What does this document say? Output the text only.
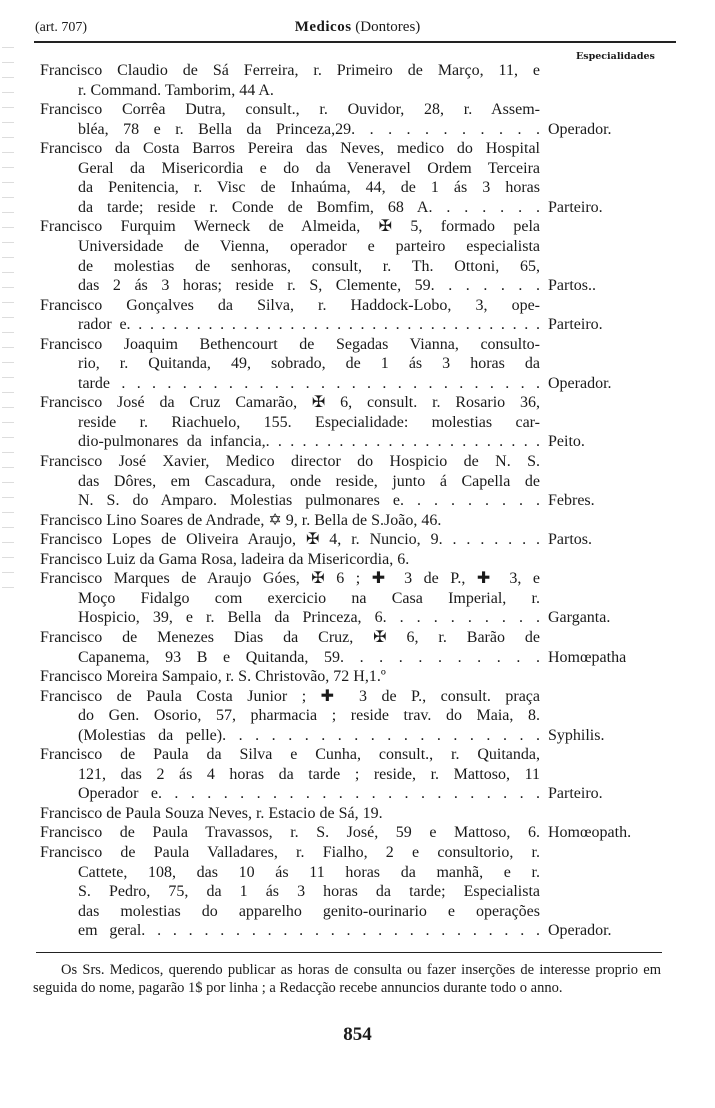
(art. 707)	Medicos (Dontores)
Especialidades
Francisco Claudio de Sá Ferreira, r. Primeiro de Março, 11, e
r. Command. Tamborim, 44 A.
Francisco Corrêa Dutra, consult., r. Ouvidor, 28, r. Assem-
bléa, 78 e r. Bella da Princeza,29. . . . . . . . . . . Operador.
Francisco da Costa Barros Pereira das Neves, medico do Hospital
Geral da Misericordia e do da Veneravel Ordem Terceira
da Penitencia, r. Visc de Inhaúma, 44, de 1 ás 3 horas
da tarde; reside r. Conde de Bomfim, 68 A. . . . . . . Parteiro.
Francisco Furquim Werneck de Almeida, ✠ 5, formado pela
Universidade de Vienna, operador e parteiro especialista
de molestias de senhoras, consult, r. Th. Ottoni, 65,
das 2 ás 3 horas; reside r. S, Clemente, 59. . . . . . . Partos..
Francisco Gonçalves da Silva, r. Haddock-Lobo, 3, ope-
rador e. . . . . . . . . . . . . . . . . . . . . . . . . . . . . . . . . . . . Parteiro.
Francisco Joaquim Bethencourt de Segadas Vianna, consulto-
rio, r. Quitanda, 49, sobrado, de 1 ás 3 horas da
tarde . . . . . . . . . . . . . . . . . . . . . . . . . . . . Operador.
Francisco José da Cruz Camarão, ✠ 6, consult. r. Rosario 36,
reside r. Riachuelo, 155. Especialidade: molestias car-
dio-pulmonares da infancia,. . . . . . . . . . . . . . . . . . . . . . . Peito.
Francisco José Xavier, Medico director do Hospicio de N. S.
das Dôres, em Cascadura, onde reside, junto á Capella de
N. S. do Amparo. Molestias pulmonares e. . . . . . . . . Febres.
Francisco Lino Soares de Andrade, ✡ 9, r. Bella de S.João, 46.
Francisco Lopes de Oliveira Araujo, ✠ 4, r. Nuncio, 9. . . . . . . . Partos.
Francisco Luiz da Gama Rosa, ladeira da Misericordia, 6.
Francisco Marques de Araujo Góes, ✠ 6 ; ✚ 3 de P., ✚ 3, e
Moço Fidalgo com exercicio na Casa Imperial, r.
Hospicio, 39, e r. Bella da Princeza, 6. . . . . . . . . . Garganta.
Francisco de Menezes Dias da Cruz, ✠ 6, r. Barão de
Capanema, 93 B e Quitanda, 59. . . . . . . . . . . Homœpatha
Francisco Moreira Sampaio, r. S. Christovão, 72 H,1.º
Francisco de Paula Costa Junior ; ✚ 3 de P., consult. praça
do Gen. Osorio, 57, pharmacia ; reside trav. do Maia, 8.
(Molestias da pelle). . . . . . . . . . . . . . . . . . . . Syphilis.
Francisco de Paula da Silva e Cunha, consult., r. Quitanda,
121, das 2 ás 4 horas da tarde ; reside, r. Mattoso, 11
Operador e. . . . . . . . . . . . . . . . . . . . . . . . Parteiro.
Francisco de Paula Souza Neves, r. Estacio de Sá, 19.
Francisco de Paula Travassos, r. S. José, 59 e Mattoso, 6. Homœopath.
Francisco de Paula Valladares, r. Fialho, 2 e consultorio, r.
Cattete, 108, das 10 ás 11 horas da manhã, e r.
S. Pedro, 75, da 1 ás 3 horas da tarde; Especialista
das molestias do apparelho genito-ourinario e operações
em geral. . . . . . . . . . . . . . . . . . . . . . . . . . Operador.

Os Srs. Medicos, querendo publicar as horas de consulta ou fazer inserções de interesse proprio em seguida do nome, pagarão 1$ por linha ; a Redacção recebe annuncios durante todo o anno.

854
